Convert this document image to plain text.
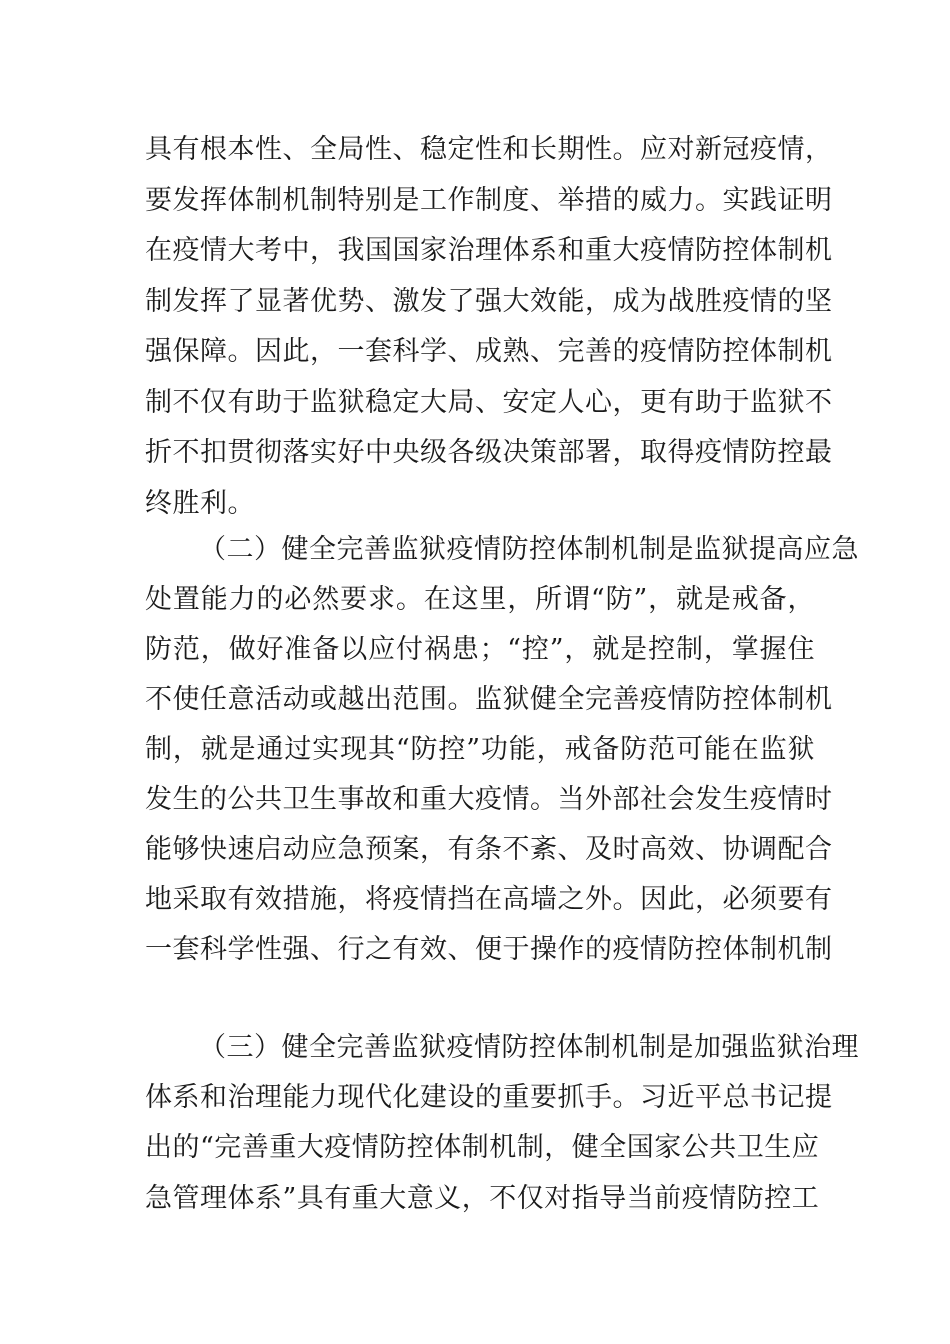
具有根本性、全局性、稳定性和长期性。应对新冠疫情，
要发挥体制机制特别是工作制度、举措的威力。实践证明
在疫情大考中，我国国家治理体系和重大疫情防控体制机
制发挥了显著优势、激发了强大效能，成为战胜疫情的坚
强保障。因此，一套科学、成熟、完善的疫情防控体制机
制不仅有助于监狱稳定大局、安定人心，更有助于监狱不
折不扣贯彻落实好中央级各级决策部署，取得疫情防控最
终胜利。
（二）健全完善监狱疫情防控体制机制是监狱提高应急
处置能力的必然要求。在这里，所谓“防”，就是戒备，
防范，做好准备以应付祸患；“控”，就是控制，掌握住
不使任意活动或越出范围。监狱健全完善疫情防控体制机
制，就是通过实现其“防控”功能，戒备防范可能在监狱
发生的公共卫生事故和重大疫情。当外部社会发生疫情时
能够快速启动应急预案，有条不紊、及时高效、协调配合
地采取有效措施，将疫情挡在高墙之外。因此，必须要有
一套科学性强、行之有效、便于操作的疫情防控体制机制
（三）健全完善监狱疫情防控体制机制是加强监狱治理
体系和治理能力现代化建设的重要抓手。习近平总书记提
出的“完善重大疫情防控体制机制，健全国家公共卫生应
急管理体系”具有重大意义，不仅对指导当前疫情防控工
